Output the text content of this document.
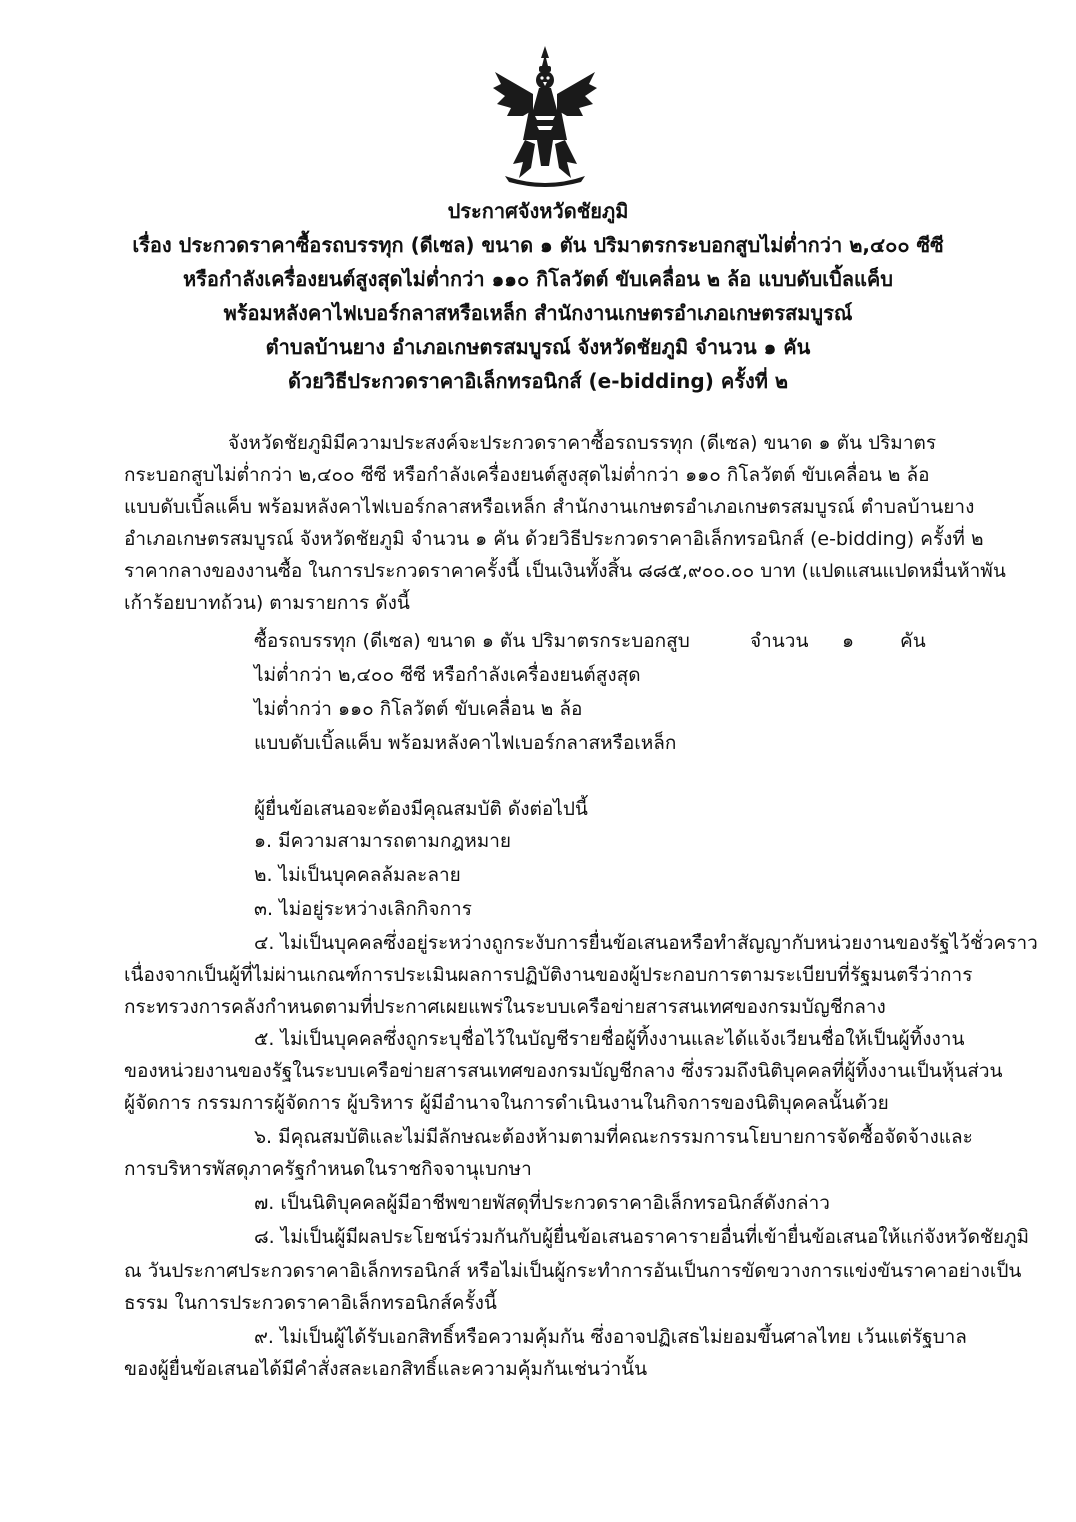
ประกาศจังหวัดชัยภูมิ
เรื่อง ประกวดราคาซื้อรถบรรทุก (ดีเซล) ขนาด ๑ ตัน ปริมาตรกระบอกสูบไม่ต่ำกว่า ๒,๔๐๐ ซีซี
หรือกำลังเครื่องยนต์สูงสุดไม่ต่ำกว่า ๑๑๐ กิโลวัตต์ ขับเคลื่อน ๒ ล้อ แบบดับเบิ้ลแค็บ
พร้อมหลังคาไฟเบอร์กลาสหรือเหล็ก สำนักงานเกษตรอำเภอเกษตรสมบูรณ์
ตำบลบ้านยาง อำเภอเกษตรสมบูรณ์ จังหวัดชัยภูมิ จำนวน ๑ คัน
ด้วยวิธีประกวดราคาอิเล็กทรอนิกส์ (e-bidding) ครั้งที่ ๒
จังหวัดชัยภูมิมีความประสงค์จะประกวดราคาซื้อรถบรรทุก (ดีเซล) ขนาด ๑ ตัน ปริมาตร
กระบอกสูบไม่ต่ำกว่า ๒,๔๐๐ ซีซี หรือกำลังเครื่องยนต์สูงสุดไม่ต่ำกว่า ๑๑๐ กิโลวัตต์ ขับเคลื่อน ๒ ล้อ
แบบดับเบิ้ลแค็บ พร้อมหลังคาไฟเบอร์กลาสหรือเหล็ก สำนักงานเกษตรอำเภอเกษตรสมบูรณ์ ตำบลบ้านยาง
อำเภอเกษตรสมบูรณ์ จังหวัดชัยภูมิ จำนวน ๑ คัน ด้วยวิธีประกวดราคาอิเล็กทรอนิกส์ (e-bidding) ครั้งที่ ๒
ราคากลางของงานซื้อ ในการประกวดราคาครั้งนี้ เป็นเงินทั้งสิ้น ๘๘๕,๙๐๐.๐๐ บาท (แปดแสนแปดหมื่นห้าพัน
เก้าร้อยบาทถ้วน) ตามรายการ ดังนี้
ซื้อรถบรรทุก (ดีเซล) ขนาด ๑ ตัน ปริมาตรกระบอกสูบ	จำนวน ๑ คัน
ไม่ต่ำกว่า ๒,๔๐๐ ซีซี หรือกำลังเครื่องยนต์สูงสุด
ไม่ต่ำกว่า ๑๑๐ กิโลวัตต์ ขับเคลื่อน ๒ ล้อ
แบบดับเบิ้ลแค็บ พร้อมหลังคาไฟเบอร์กลาสหรือเหล็ก
ผู้ยื่นข้อเสนอจะต้องมีคุณสมบัติ ดังต่อไปนี้
๑. มีความสามารถตามกฎหมาย
๒. ไม่เป็นบุคคลล้มละลาย
๓. ไม่อยู่ระหว่างเลิกกิจการ
๔. ไม่เป็นบุคคลซึ่งอยู่ระหว่างถูกระงับการยื่นข้อเสนอหรือทำสัญญากับหน่วยงานของรัฐไว้ชั่วคราว
เนื่องจากเป็นผู้ที่ไม่ผ่านเกณฑ์การประเมินผลการปฏิบัติงานของผู้ประกอบการตามระเบียบที่รัฐมนตรีว่าการ
กระทรวงการคลังกำหนดตามที่ประกาศเผยแพร่ในระบบเครือข่ายสารสนเทศของกรมบัญชีกลาง
๕. ไม่เป็นบุคคลซึ่งถูกระบุชื่อไว้ในบัญชีรายชื่อผู้ทิ้งงานและได้แจ้งเวียนชื่อให้เป็นผู้ทิ้งงาน
ของหน่วยงานของรัฐในระบบเครือข่ายสารสนเทศของกรมบัญชีกลาง ซึ่งรวมถึงนิติบุคคลที่ผู้ทิ้งงานเป็นหุ้นส่วน
ผู้จัดการ กรรมการผู้จัดการ ผู้บริหาร ผู้มีอำนาจในการดำเนินงานในกิจการของนิติบุคคลนั้นด้วย
๖. มีคุณสมบัติและไม่มีลักษณะต้องห้ามตามที่คณะกรรมการนโยบายการจัดซื้อจัดจ้างและ
การบริหารพัสดุภาครัฐกำหนดในราชกิจจานุเบกษา
๗. เป็นนิติบุคคลผู้มีอาชีพขายพัสดุที่ประกวดราคาอิเล็กทรอนิกส์ดังกล่าว
๘. ไม่เป็นผู้มีผลประโยชน์ร่วมกันกับผู้ยื่นข้อเสนอราคารายอื่นที่เข้ายื่นข้อเสนอให้แก่จังหวัดชัยภูมิ
ณ วันประกาศประกวดราคาอิเล็กทรอนิกส์ หรือไม่เป็นผู้กระทำการอันเป็นการขัดขวางการแข่งขันราคาอย่างเป็น
ธรรม ในการประกวดราคาอิเล็กทรอนิกส์ครั้งนี้
๙. ไม่เป็นผู้ได้รับเอกสิทธิ์หรือความคุ้มกัน ซึ่งอาจปฏิเสธไม่ยอมขึ้นศาลไทย เว้นแต่รัฐบาล
ของผู้ยื่นข้อเสนอได้มีคำสั่งสละเอกสิทธิ์และความคุ้มกันเช่นว่านั้น
